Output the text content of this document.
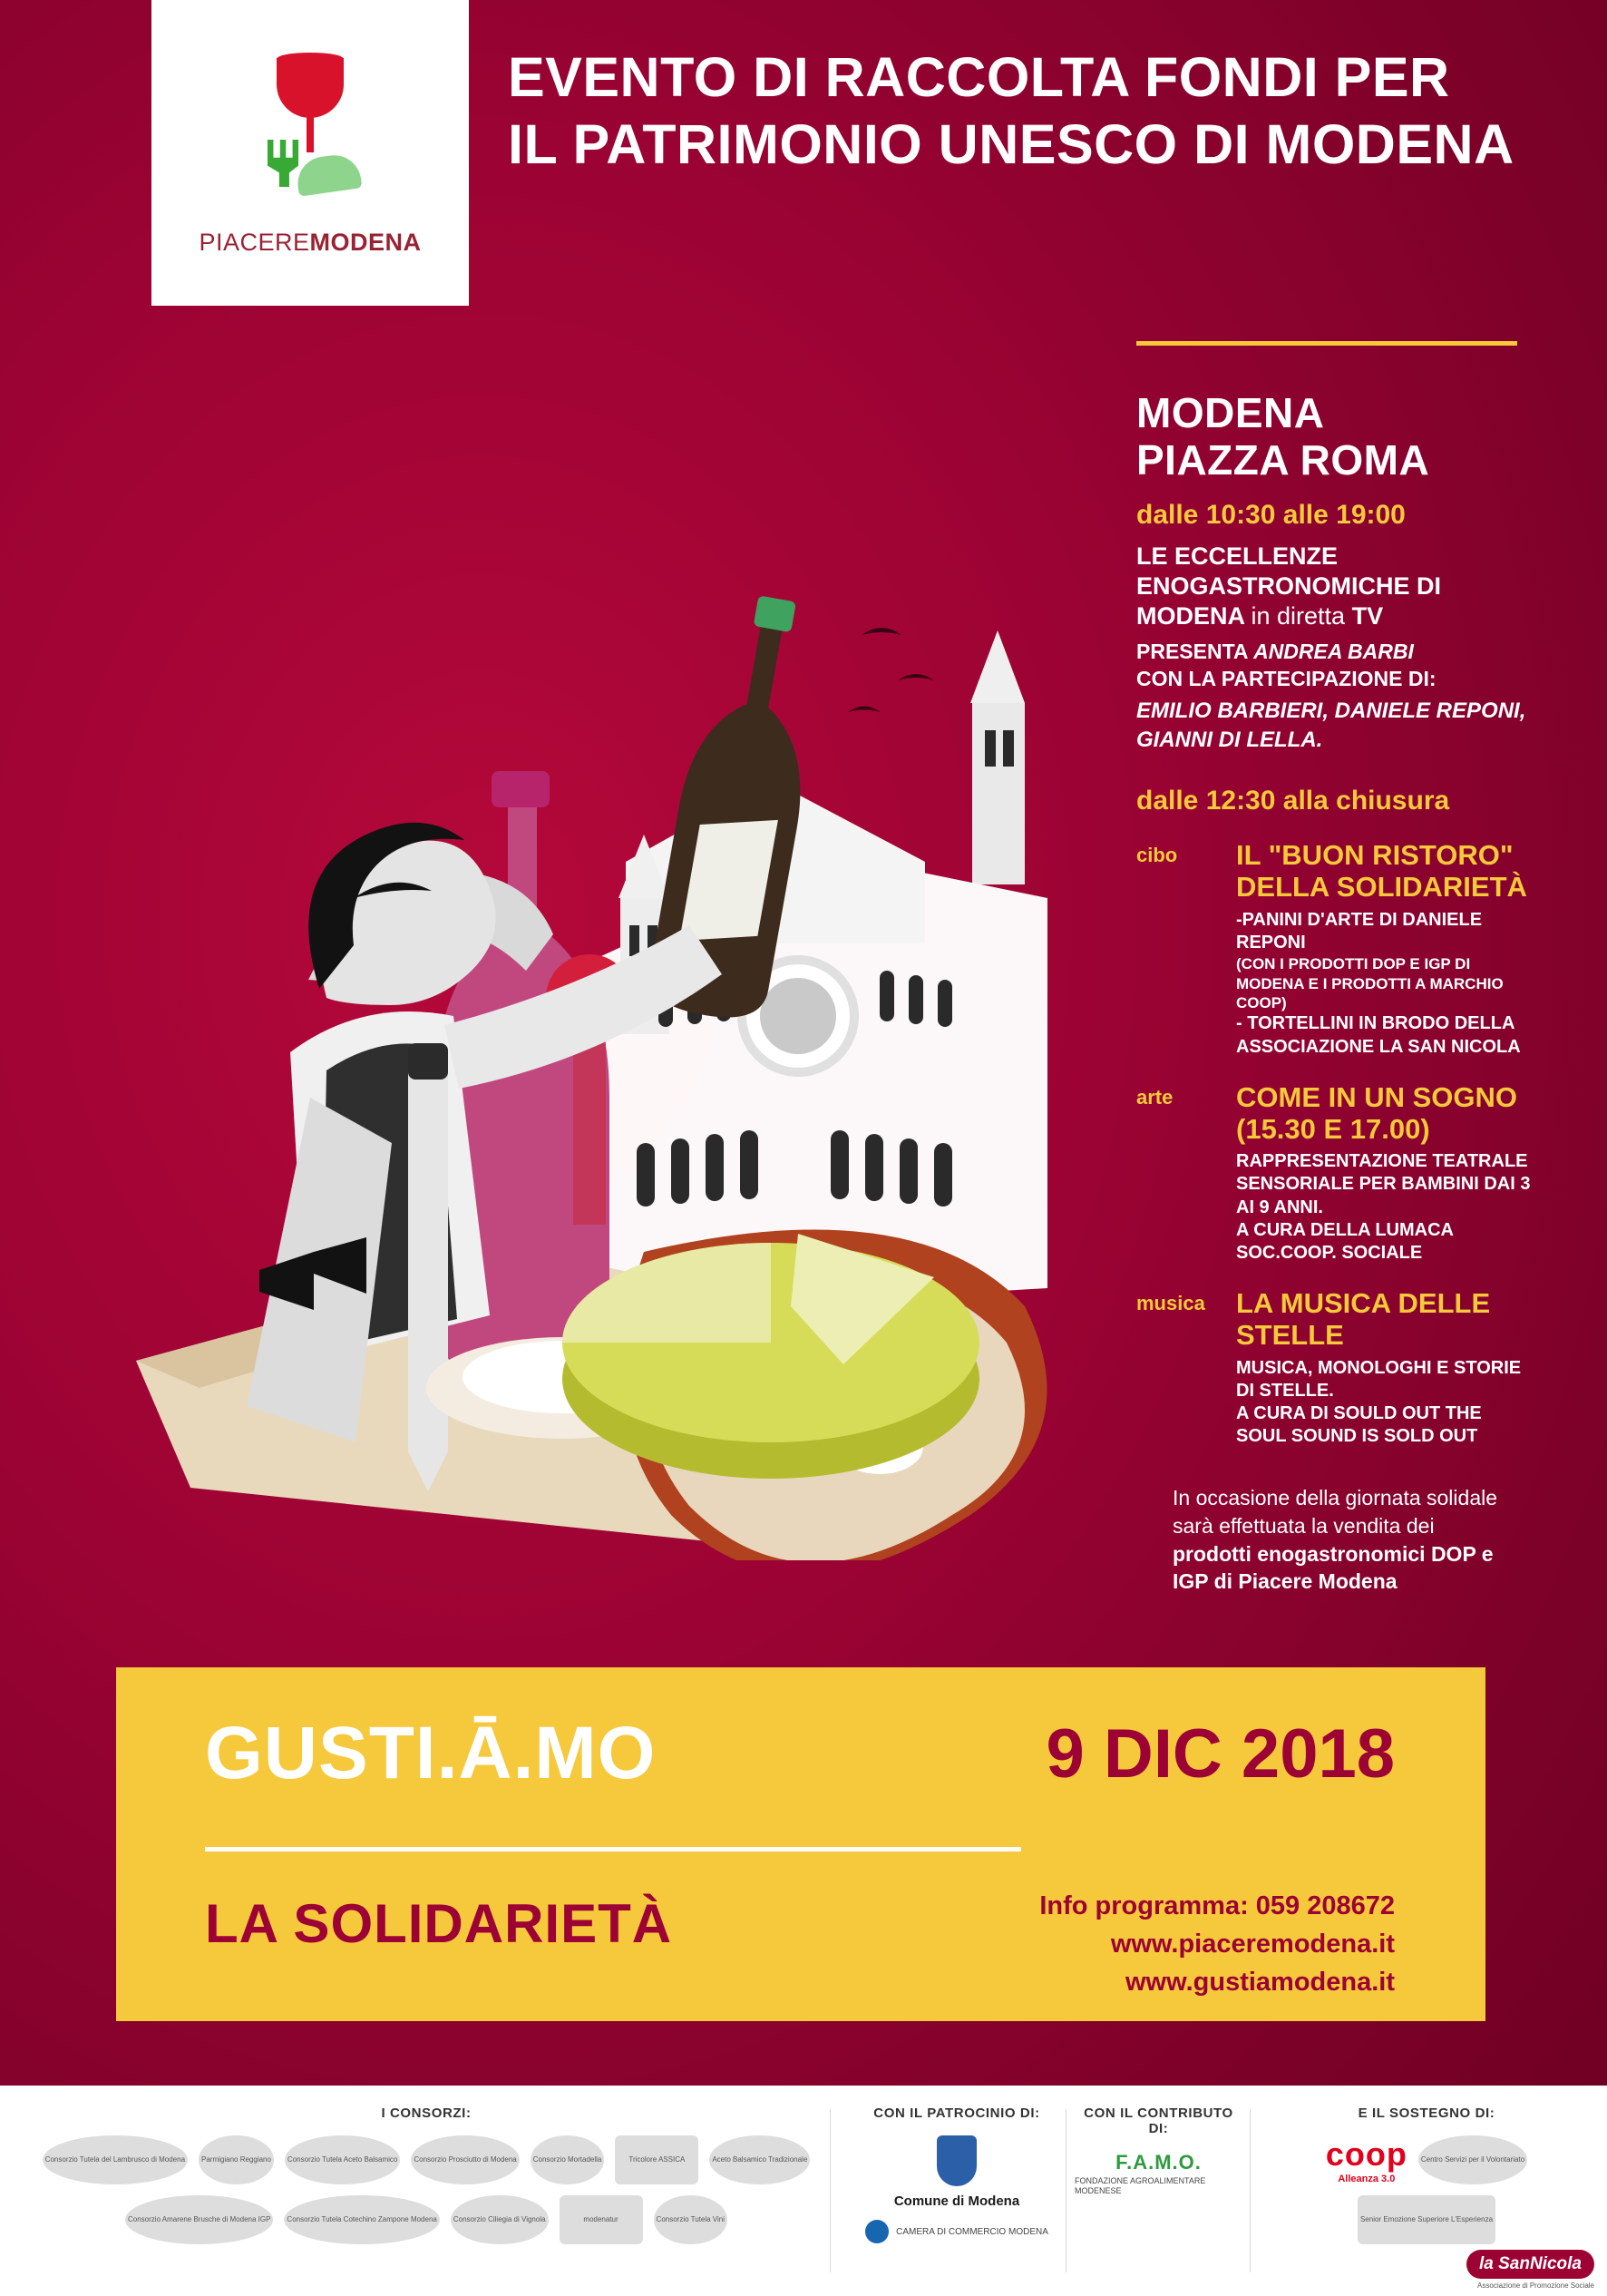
PIACEREMODENA
EVENTO DI RACCOLTA FONDI PER IL PATRIMONIO UNESCO DI MODENA
MODENA
PIAZZA ROMA
dalle 10:30 alle 19:00
LE ECCELLENZE
ENOGASTRONOMICHE DI
MODENA in diretta TV
PRESENTA ANDREA BARBI
CON LA PARTECIPAZIONE DI:
EMILIO BARBIERI, DANIELE REPONI, GIANNI DI LELLA.
dalle 12:30 alla chiusura
cibo	IL "BUON RISTORO" DELLA SOLIDARIETÀ
-PANINI D'ARTE DI DANIELE REPONI
(CON I PRODOTTI DOP E IGP DI MODENA E I PRODOTTI A MARCHIO COOP)
- TORTELLINI IN BRODO DELLA ASSOCIAZIONE LA SAN NICOLA
arte	COME IN UN SOGNO (15.30 E 17.00)
RAPPRESENTAZIONE TEATRALE SENSORIALE PER BAMBINI DAI 3 AI 9 ANNI.
A CURA DELLA LUMACA SOC.COOP. SOCIALE
musica	LA MUSICA DELLE STELLE
MUSICA, MONOLOGHI E STORIE DI STELLE.
A CURA DI SOULD OUT THE SOUL SOUND IS SOLD OUT
In occasione della giornata solidale
sarà effettuata la vendita dei
prodotti enogastronomici DOP e
IGP di Piacere Modena
GUSTI.Ā.MO	9 DIC 2018
LA SOLIDARIETÀ	Info programma: 059 208672
www.piaceremodena.it
www.gustiamodena.it
I CONSORZI:
Consorzio Tutela del Lambrusco di Modena	Parmigiano Reggiano	Consorzio Tutela Aceto Balsamico	Consorzio Prosciutto di Modena	Consorzio Mortadella	Tricolore ASSICA	Aceto Balsamico Tradizionale
Consorzio Amarene Brusche di Modena IGP	Consorzio Tutela Cotechino Zampone Modena	Consorzio Ciliegia di Vignola	modenatur	Consorzio Tutela Vini
CON IL PATROCINIO DI:
Comune di Modena
CAMERA DI COMMERCIO MODENA
CON IL CONTRIBUTO DI:
F.A.M.O.
FONDAZIONE AGROALIMENTARE MODENESE
E IL SOSTEGNO DI:
coop
Alleanza 3.0
Centro Servizi per il Volontariato
Senior Emozione Superiore L'Esperienza
la SanNicola
Associazione di Promozione Sociale
